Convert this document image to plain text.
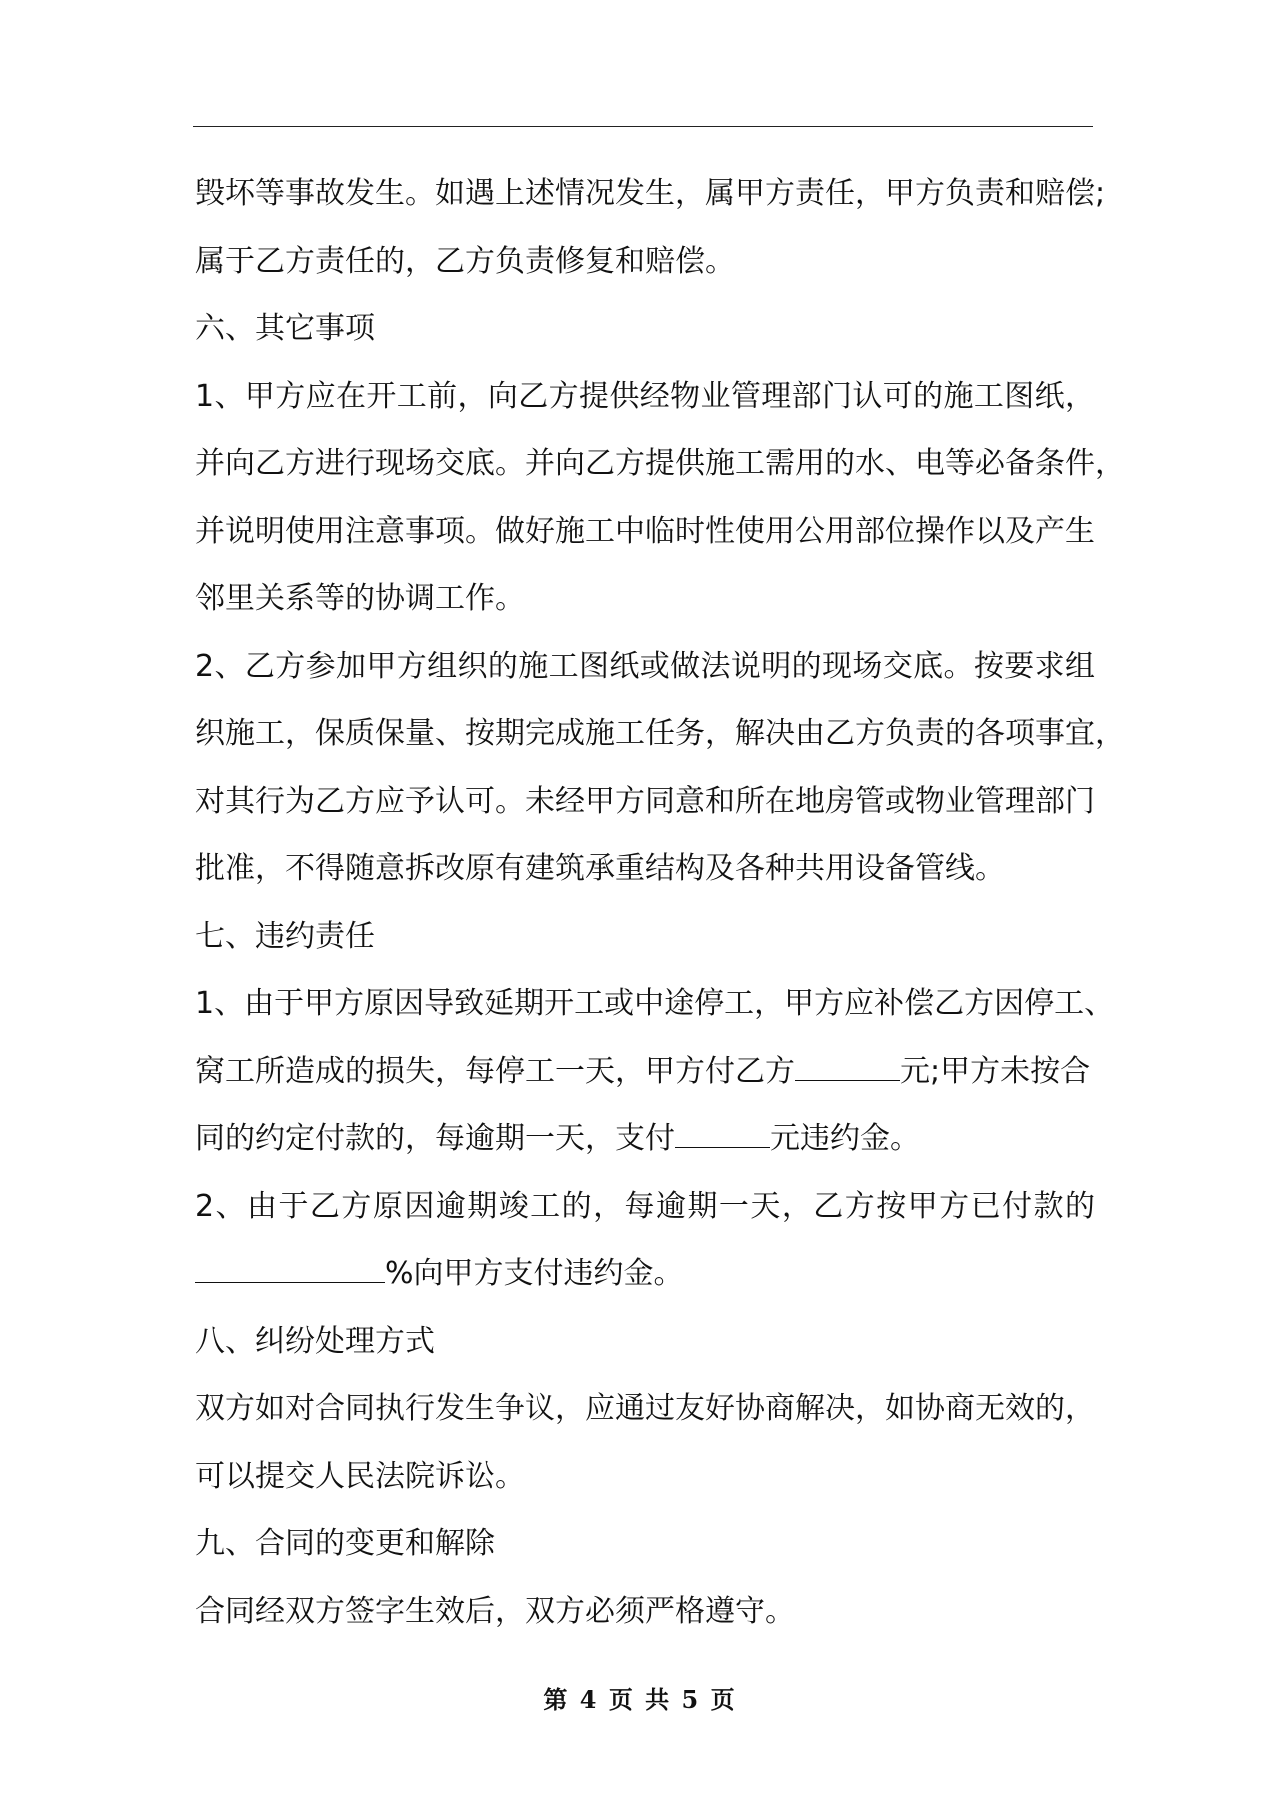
毁坏等事故发生。如遇上述情况发生，属甲方责任，甲方负责和赔偿;
属于乙方责任的，乙方负责修复和赔偿。
六、其它事项
1、甲方应在开工前，向乙方提供经物业管理部门认可的施工图纸，
并向乙方进行现场交底。并向乙方提供施工需用的水、电等必备条件，
并说明使用注意事项。做好施工中临时性使用公用部位操作以及产生
邻里关系等的协调工作。
2、乙方参加甲方组织的施工图纸或做法说明的现场交底。按要求组
织施工，保质保量、按期完成施工任务，解决由乙方负责的各项事宜，
对其行为乙方应予认可。未经甲方同意和所在地房管或物业管理部门
批准，不得随意拆改原有建筑承重结构及各种共用设备管线。
七、违约责任
1、由于甲方原因导致延期开工或中途停工，甲方应补偿乙方因停工、
窝工所造成的损失，每停工一天，甲方付乙方	元;甲方未按合
同的约定付款的，每逾期一天，支付	元违约金。
2、由于乙方原因逾期竣工的，每逾期一天，乙方按甲方已付款的
%向甲方支付违约金。
八、纠纷处理方式
双方如对合同执行发生争议，应通过友好协商解决，如协商无效的，
可以提交人民法院诉讼。
九、合同的变更和解除
合同经双方签字生效后，双方必须严格遵守。
第 4 页 共 5 页
